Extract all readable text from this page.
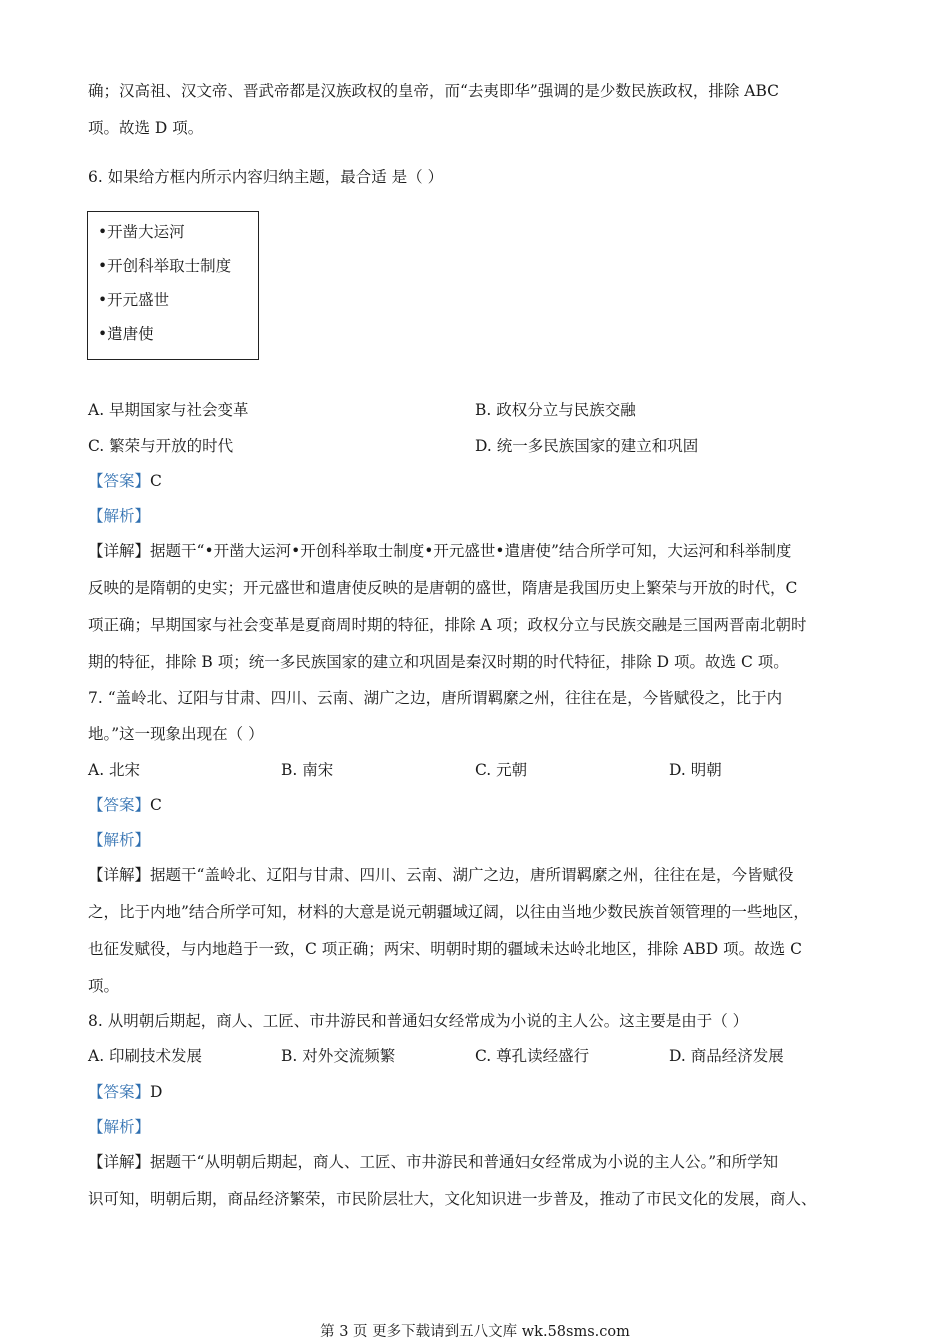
确；汉高祖、汉文帝、晋武帝都是汉族政权的皇帝，而“去夷即华”强调的是少数民族政权，排除 ABC
项。故选 D 项。
6. 如果给方框内所示内容归纳主题，最合适 是（ ）
•开凿大运河
•开创科举取士制度
•开元盛世
•遣唐使
A. 早期国家与社会变革	B. 政权分立与民族交融
C. 繁荣与开放的时代	D. 统一多民族国家的建立和巩固
【答案】C
【解析】
【详解】据题干“•开凿大运河•开创科举取士制度•开元盛世•遣唐使”结合所学可知，大运河和科举制度
反映的是隋朝的史实；开元盛世和遣唐使反映的是唐朝的盛世，隋唐是我国历史上繁荣与开放的时代，C
项正确；早期国家与社会变革是夏商周时期的特征，排除 A 项；政权分立与民族交融是三国两晋南北朝时
期的特征，排除 B 项；统一多民族国家的建立和巩固是秦汉时期的时代特征，排除 D 项。故选 C 项。
7. “盖岭北、辽阳与甘肃、四川、云南、湖广之边，唐所谓羁縻之州，往往在是，今皆赋役之，比于内
地。”这一现象出现在（ ）
A. 北宋	B. 南宋	C. 元朝	D. 明朝
【答案】C
【解析】
【详解】据题干“盖岭北、辽阳与甘肃、四川、云南、湖广之边，唐所谓羁縻之州，往往在是，今皆赋役
之，比于内地”结合所学可知，材料的大意是说元朝疆域辽阔，以往由当地少数民族首领管理的一些地区，
也征发赋役，与内地趋于一致，C 项正确；两宋、明朝时期的疆域未达岭北地区，排除 ABD 项。故选 C
项。
8. 从明朝后期起，商人、工匠、市井游民和普通妇女经常成为小说的主人公。这主要是由于（ ）
A. 印刷技术发展	B. 对外交流频繁	C. 尊孔读经盛行	D. 商品经济发展
【答案】D
【解析】
【详解】据题干“从明朝后期起，商人、工匠、市井游民和普通妇女经常成为小说的主人公。”和所学知
识可知，明朝后期，商品经济繁荣，市民阶层壮大，文化知识进一步普及，推动了市民文化的发展，商人、
第 3 页 更多下载请到五八文库 wk.58sms.com
